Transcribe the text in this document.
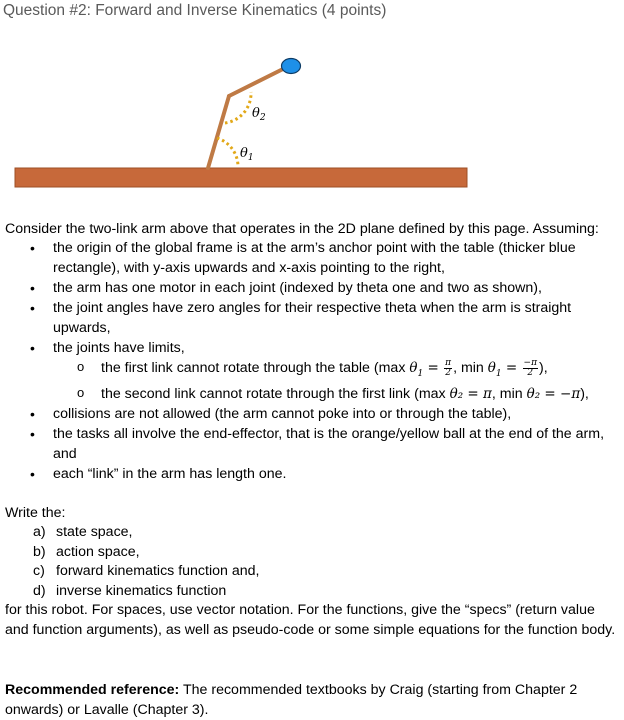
Question #2: Forward and Inverse Kinematics (4 points)
$\theta_2$
$\theta_1$
Consider the two-link arm above that operates in the 2D plane defined by this page. Assuming:
• the origin of the global frame is at the arm’s anchor point with the table (thicker blue rectangle), with y-axis upwards and x-axis pointing to the right,
• the arm has one motor in each joint (indexed by theta one and two as shown),
• the joint angles have zero angles for their respective theta when the arm is straight upwards,
• the joints have limits,
o the first link cannot rotate through the table (max $\theta_1 = \frac{\pi}{2}$ , $\min \theta_1 = \frac{-\pi}{2}$ ),
o the second link cannot rotate through the first link (max θ₂ = π, min θ₂ = −π),
• collisions are not allowed (the arm cannot poke into or through the table),
• the tasks all involve the end-effector, that is the orange/yellow ball at the end of the arm, and
• each “link” in the arm has length one.
Write the:
a) state space,
b) action space,
c) forward kinematics function and,
d) inverse kinematics function
for this robot. For spaces, use vector notation. For the functions, give the “specs” (return value and function arguments), as well as pseudo-code or some simple equations for the function body.
Recommended reference: The recommended textbooks by Craig (starting from Chapter 2 onwards) or Lavalle (Chapter 3).
